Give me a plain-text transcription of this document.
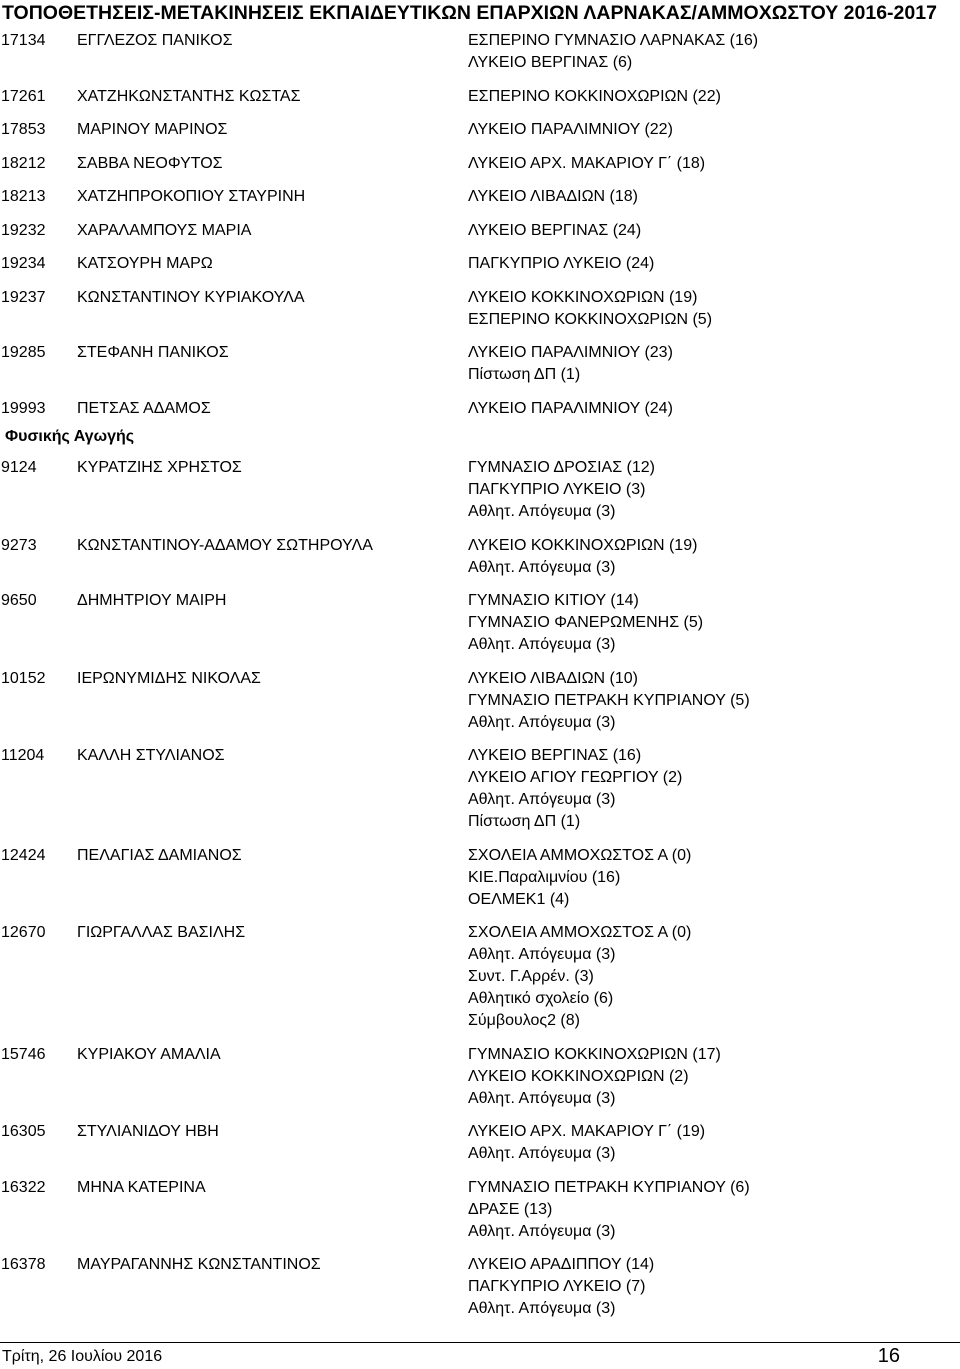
ΤΟΠΟΘΕΤΗΣΕΙΣ-ΜΕΤΑΚΙΝΗΣΕΙΣ ΕΚΠΑΙΔΕΥΤΙΚΩΝ ΕΠΑΡΧΙΩΝ ΛΑΡΝΑΚΑΣ/ΑΜΜΟΧΩΣΤΟΥ 2016-2017
17134	ΕΓΓΛΕΖΟΣ ΠΑΝΙΚΟΣ	ΕΣΠΕΡΙΝΟ ΓΥΜΝΑΣΙΟ ΛΑΡΝΑΚΑΣ (16)
ΛΥΚΕΙΟ ΒΕΡΓΙΝΑΣ (6)
17261	ΧΑΤΖΗΚΩΝΣΤΑΝΤΗΣ ΚΩΣΤΑΣ	ΕΣΠΕΡΙΝΟ ΚΟΚΚΙΝΟΧΩΡΙΩΝ (22)
17853	ΜΑΡΙΝΟΥ ΜΑΡΙΝΟΣ	ΛΥΚΕΙΟ ΠΑΡΑΛΙΜΝΙΟΥ (22)
18212	ΣΑΒΒΑ ΝΕΟΦΥΤΟΣ	ΛΥΚΕΙΟ ΑΡΧ. ΜΑΚΑΡΙΟΥ Γ΄ (18)
18213	ΧΑΤΖΗΠΡΟΚΟΠΙΟΥ ΣΤΑΥΡΙΝΗ	ΛΥΚΕΙΟ ΛΙΒΑΔΙΩΝ (18)
19232	ΧΑΡΑΛΑΜΠΟΥΣ ΜΑΡΙΑ	ΛΥΚΕΙΟ ΒΕΡΓΙΝΑΣ (24)
19234	ΚΑΤΣΟΥΡΗ ΜΑΡΩ	ΠΑΓΚΥΠΡΙΟ ΛΥΚΕΙΟ (24)
19237	ΚΩΝΣΤΑΝΤΙΝΟΥ ΚΥΡΙΑΚΟΥΛΑ	ΛΥΚΕΙΟ ΚΟΚΚΙΝΟΧΩΡΙΩΝ (19)
ΕΣΠΕΡΙΝΟ ΚΟΚΚΙΝΟΧΩΡΙΩΝ (5)
19285	ΣΤΕΦΑΝΗ ΠΑΝΙΚΟΣ	ΛΥΚΕΙΟ ΠΑΡΑΛΙΜΝΙΟΥ (23)
Πίστωση ΔΠ (1)
19993	ΠΕΤΣΑΣ ΑΔΑΜΟΣ	ΛΥΚΕΙΟ ΠΑΡΑΛΙΜΝΙΟΥ (24)
Φυσικής Αγωγής
9124	ΚΥΡΑΤΖΙΗΣ ΧΡΗΣΤΟΣ	ΓΥΜΝΑΣΙΟ ΔΡΟΣΙΑΣ (12)
ΠΑΓΚΥΠΡΙΟ ΛΥΚΕΙΟ (3)
Αθλητ. Απόγευμα (3)
9273	ΚΩΝΣΤΑΝΤΙΝΟΥ-ΑΔΑΜΟΥ ΣΩΤΗΡΟΥΛΑ	ΛΥΚΕΙΟ ΚΟΚΚΙΝΟΧΩΡΙΩΝ (19)
Αθλητ. Απόγευμα (3)
9650	ΔΗΜΗΤΡΙΟΥ ΜΑΙΡΗ	ΓΥΜΝΑΣΙΟ ΚΙΤΙΟΥ (14)
ΓΥΜΝΑΣΙΟ ΦΑΝΕΡΩΜΕΝΗΣ (5)
Αθλητ. Απόγευμα (3)
10152	ΙΕΡΩΝΥΜΙΔΗΣ ΝΙΚΟΛΑΣ	ΛΥΚΕΙΟ ΛΙΒΑΔΙΩΝ (10)
ΓΥΜΝΑΣΙΟ ΠΕΤΡΑΚΗ ΚΥΠΡΙΑΝΟΥ (5)
Αθλητ. Απόγευμα (3)
11204	ΚΑΛΛΗ ΣΤΥΛΙΑΝΟΣ	ΛΥΚΕΙΟ ΒΕΡΓΙΝΑΣ (16)
ΛΥΚΕΙΟ ΑΓΙΟΥ ΓΕΩΡΓΙΟΥ (2)
Αθλητ. Απόγευμα (3)
Πίστωση ΔΠ (1)
12424	ΠΕΛΑΓΙΑΣ ΔΑΜΙΑΝΟΣ	ΣΧΟΛΕΙΑ ΑΜΜΟΧΩΣΤΟΣ Α (0)
ΚΙΕ.Παραλιμνίου (16)
ΟΕΛΜΕΚ1 (4)
12670	ΓΙΩΡΓΑΛΛΑΣ ΒΑΣΙΛΗΣ	ΣΧΟΛΕΙΑ ΑΜΜΟΧΩΣΤΟΣ Α (0)
Αθλητ. Απόγευμα (3)
Συντ. Γ.Αρρέν. (3)
Αθλητικό σχολείο (6)
Σύμβουλος2 (8)
15746	ΚΥΡΙΑΚΟΥ ΑΜΑΛΙΑ	ΓΥΜΝΑΣΙΟ ΚΟΚΚΙΝΟΧΩΡΙΩΝ (17)
ΛΥΚΕΙΟ ΚΟΚΚΙΝΟΧΩΡΙΩΝ (2)
Αθλητ. Απόγευμα (3)
16305	ΣΤΥΛΙΑΝΙΔΟΥ ΗΒΗ	ΛΥΚΕΙΟ ΑΡΧ. ΜΑΚΑΡΙΟΥ Γ΄ (19)
Αθλητ. Απόγευμα (3)
16322	ΜΗΝΑ ΚΑΤΕΡΙΝΑ	ΓΥΜΝΑΣΙΟ ΠΕΤΡΑΚΗ ΚΥΠΡΙΑΝΟΥ (6)
ΔΡΑΣΕ (13)
Αθλητ. Απόγευμα (3)
16378	ΜΑΥΡΑΓΑΝΝΗΣ ΚΩΝΣΤΑΝΤΙΝΟΣ	ΛΥΚΕΙΟ ΑΡΑΔΙΠΠΟΥ (14)
ΠΑΓΚΥΠΡΙΟ ΛΥΚΕΙΟ (7)
Αθλητ. Απόγευμα (3)
Τρίτη, 26 Ιουλίου 2016	16
